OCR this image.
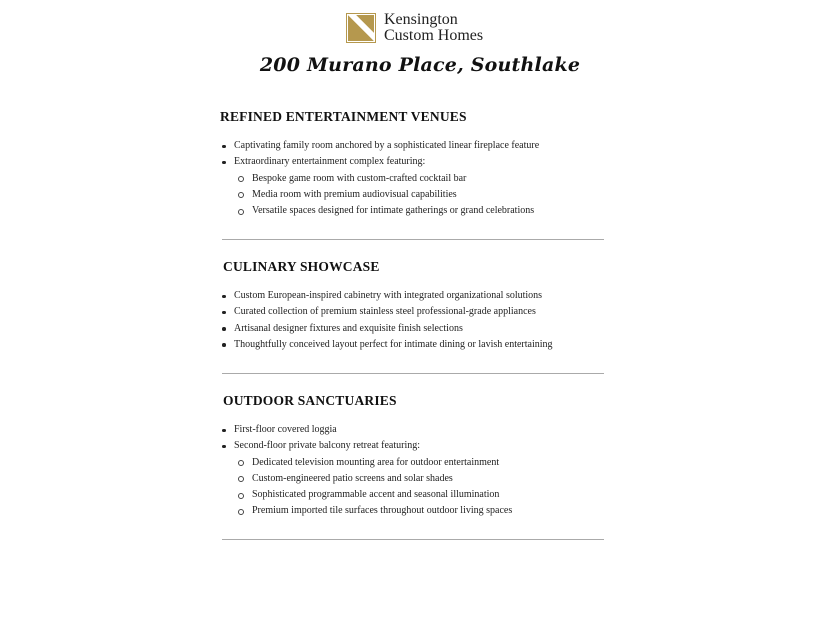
Kensington
Custom Homes
200 Murano Place, Southlake
REFINED ENTERTAINMENT VENUES
Captivating family room anchored by a sophisticated linear fireplace feature
Extraordinary entertainment complex featuring:
Bespoke game room with custom-crafted cocktail bar
Media room with premium audiovisual capabilities
Versatile spaces designed for intimate gatherings or grand celebrations
CULINARY SHOWCASE
Custom European-inspired cabinetry with integrated organizational solutions
Curated collection of premium stainless steel professional-grade appliances
Artisanal designer fixtures and exquisite finish selections
Thoughtfully conceived layout perfect for intimate dining or lavish entertaining
OUTDOOR SANCTUARIES
First-floor covered loggia
Second-floor private balcony retreat featuring:
Dedicated television mounting area for outdoor entertainment
Custom-engineered patio screens and solar shades
Sophisticated programmable accent and seasonal illumination
Premium imported tile surfaces throughout outdoor living spaces
